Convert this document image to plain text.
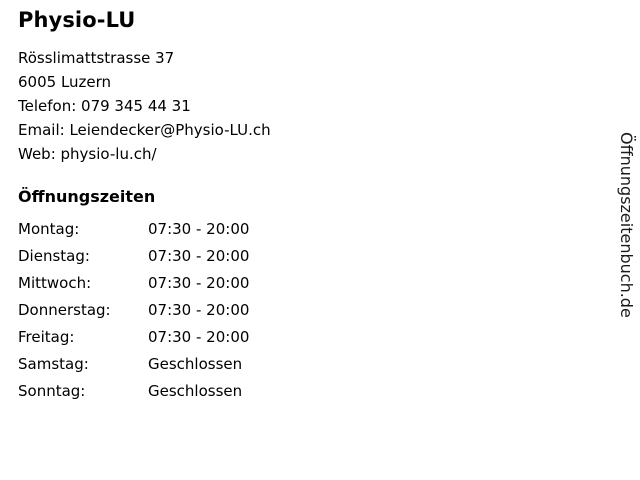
Physio-LU
Rösslimattstrasse 37
6005 Luzern
Telefon: 079 345 44 31
Email: Leiendecker@Physio-LU.ch
Web: physio-lu.ch/
Öffnungszeiten
Montag:	07:30 - 20:00
Dienstag:	07:30 - 20:00
Mittwoch:	07:30 - 20:00
Donnerstag:	07:30 - 20:00
Freitag:	07:30 - 20:00
Samstag:	Geschlossen
Sonntag:	Geschlossen
Öffnungszeitenbuch.de
